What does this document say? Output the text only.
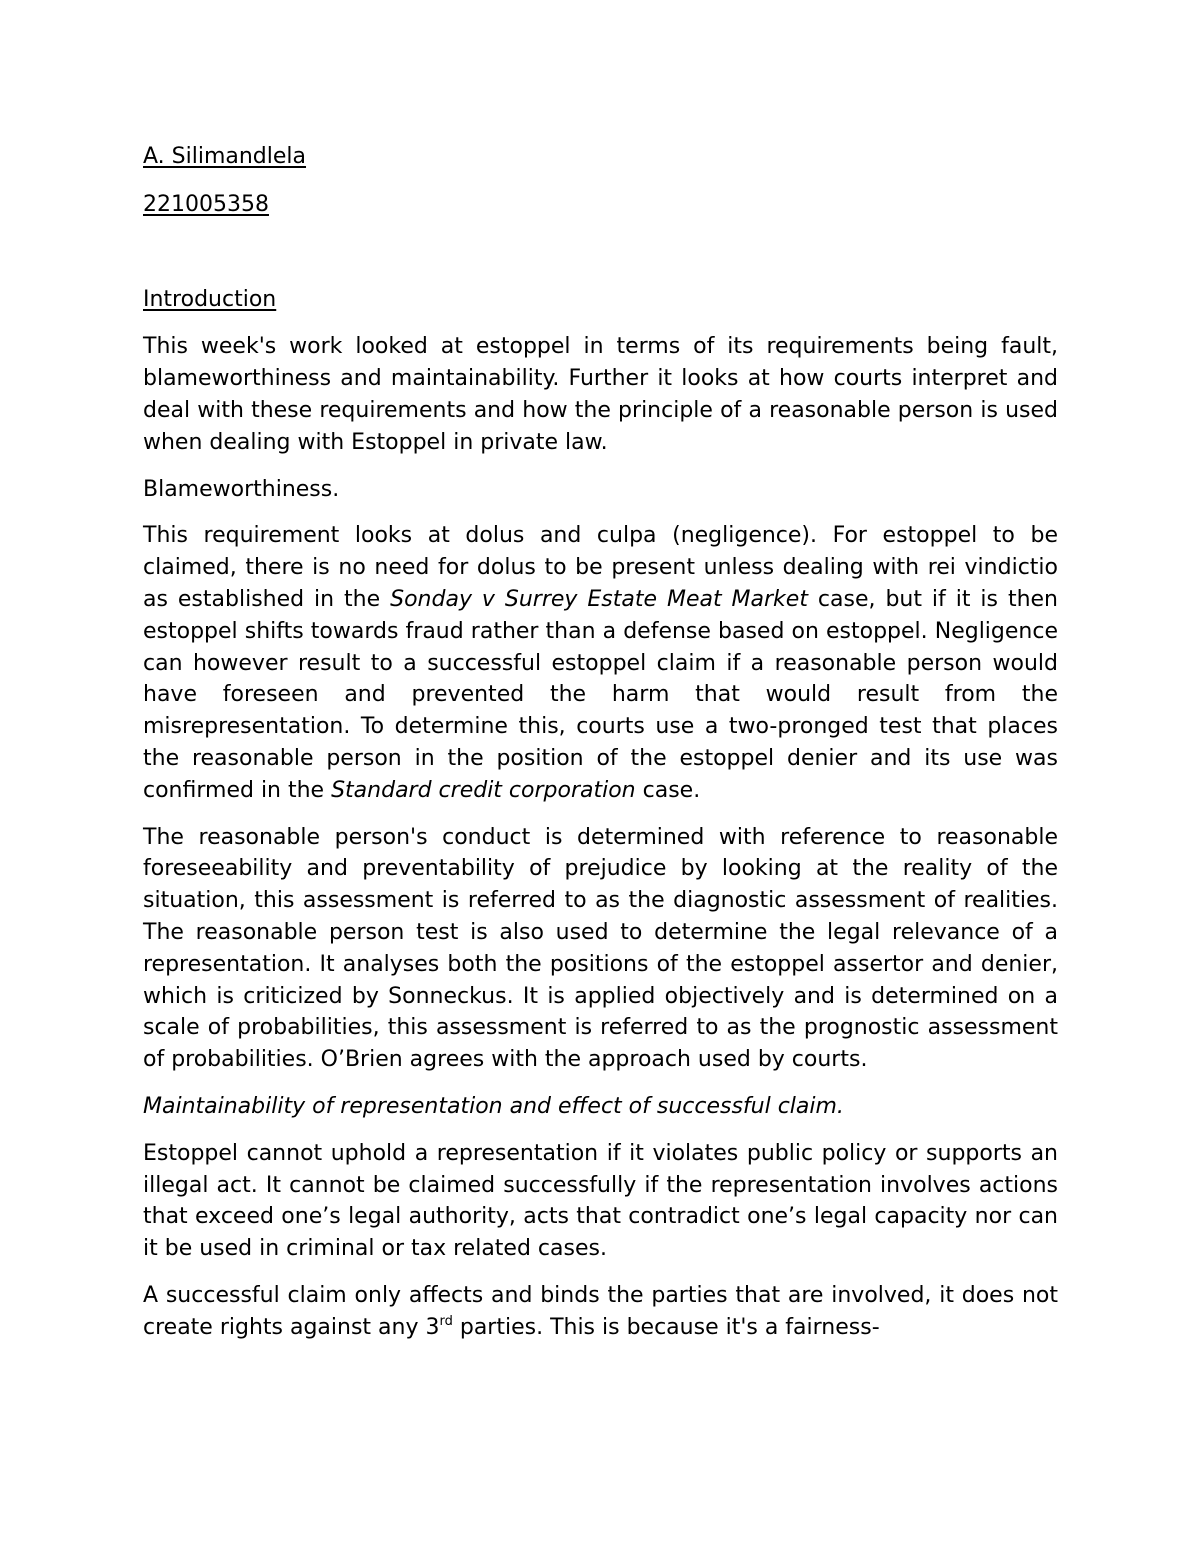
A. Silimandlela

221005358

Introduction

This week's work looked at estoppel in terms of its requirements being fault, blameworthiness and maintainability. Further it looks at how courts interpret and deal with these requirements and how the principle of a reasonable person is used when dealing with Estoppel in private law.

Blameworthiness.

This requirement looks at dolus and culpa (negligence). For estoppel to be claimed, there is no need for dolus to be present unless dealing with rei vindictio as established in the Sonday v Surrey Estate Meat Market case, but if it is then estoppel shifts towards fraud rather than a defense based on estoppel. Negligence can however result to a successful estoppel claim if a reasonable person would have foreseen and prevented the harm that would result from the misrepresentation. To determine this, courts use a two-pronged test that places the reasonable person in the position of the estoppel denier and its use was confirmed in the Standard credit corporation case.

The reasonable person's conduct is determined with reference to reasonable foreseeability and preventability of prejudice by looking at the reality of the situation, this assessment is referred to as the diagnostic assessment of realities. The reasonable person test is also used to determine the legal relevance of a representation. It analyses both the positions of the estoppel assertor and denier, which is criticized by Sonneckus. It is applied objectively and is determined on a scale of probabilities, this assessment is referred to as the prognostic assessment of probabilities. O’Brien agrees with the approach used by courts.

Maintainability of representation and effect of successful claim.

Estoppel cannot uphold a representation if it violates public policy or supports an illegal act. It cannot be claimed successfully if the representation involves actions that exceed one’s legal authority, acts that contradict one’s legal capacity nor can it be used in criminal or tax related cases.

A successful claim only affects and binds the parties that are involved, it does not create rights against any 3rd parties. This is because it's a fairness-
